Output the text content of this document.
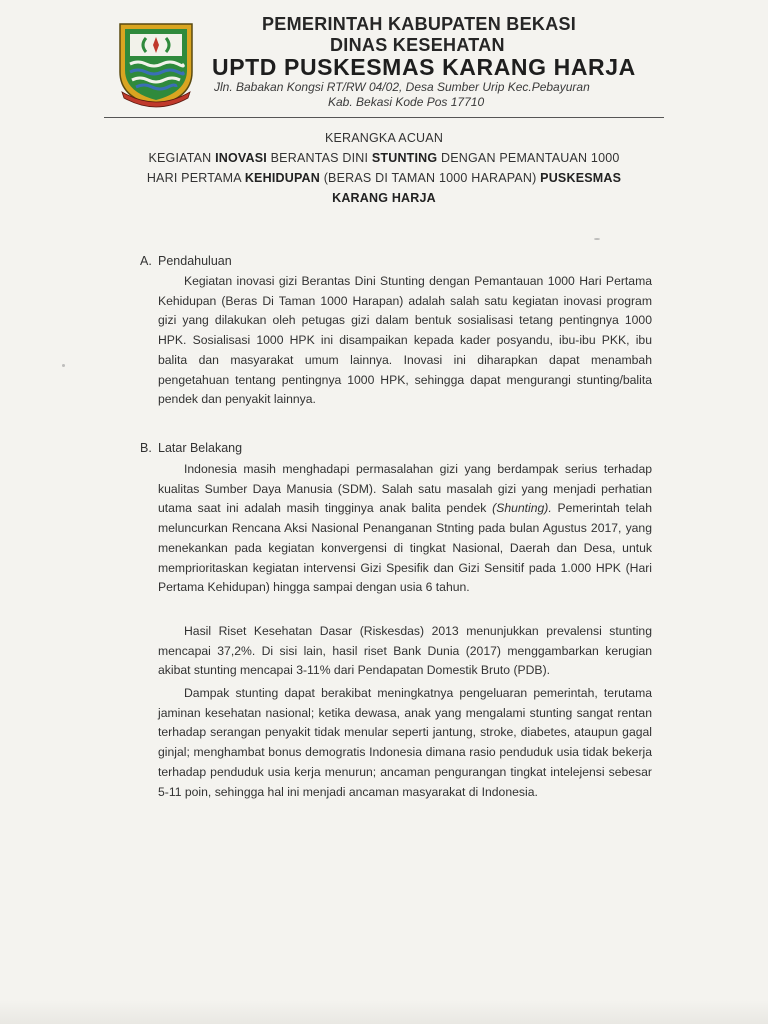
PEMERINTAH KABUPATEN BEKASI
DINAS KESEHATAN
UPTD PUSKESMAS KARANG HARJA
Jln. Babakan Kongsi RT/RW 04/02, Desa Sumber Urip Kec.Pebayuran
Kab. Bekasi Kode Pos 17710
KERANGKA ACUAN
KEGIATAN INOVASI BERANTAS DINI STUNTING DENGAN PEMANTAUAN 1000
HARI PERTAMA KEHIDUPAN (BERAS DI TAMAN 1000 HARAPAN) PUSKESMAS
KARANG HARJA
A. Pendahuluan

Kegiatan inovasi gizi Berantas Dini Stunting dengan Pemantauan 1000 Hari Pertama Kehidupan (Beras Di Taman 1000 Harapan) adalah salah satu kegiatan inovasi program gizi yang dilakukan oleh petugas gizi dalam bentuk sosialisasi tetang pentingnya 1000 HPK. Sosialisasi 1000 HPK ini disampaikan kepada kader posyandu, ibu-ibu PKK, ibu balita dan masyarakat umum lainnya. Inovasi ini diharapkan dapat menambah pengetahuan tentang pentingnya 1000 HPK, sehingga dapat mengurangi stunting/balita pendek dan penyakit lainnya.

B. Latar Belakang

Indonesia masih menghadapi permasalahan gizi yang berdampak serius terhadap kualitas Sumber Daya Manusia (SDM). Salah satu masalah gizi yang menjadi perhatian utama saat ini adalah masih tingginya anak balita pendek (Shunting). Pemerintah telah meluncurkan Rencana Aksi Nasional Penanganan Stnting pada bulan Agustus 2017, yang menekankan pada kegiatan konvergensi di tingkat Nasional, Daerah dan Desa, untuk memprioritaskan kegiatan intervensi Gizi Spesifik dan Gizi Sensitif pada 1.000 HPK (Hari Pertama Kehidupan) hingga sampai dengan usia 6 tahun.

Hasil Riset Kesehatan Dasar (Riskesdas) 2013 menunjukkan prevalensi stunting mencapai 37,2%. Di sisi lain, hasil riset Bank Dunia (2017) menggambarkan kerugian akibat stunting mencapai 3-11% dari Pendapatan Domestik Bruto (PDB).

Dampak stunting dapat berakibat meningkatnya pengeluaran pemerintah, terutama jaminan kesehatan nasional; ketika dewasa, anak yang mengalami stunting sangat rentan terhadap serangan penyakit tidak menular seperti jantung, stroke, diabetes, ataupun gagal ginjal; menghambat bonus demogratis Indonesia dimana rasio penduduk usia tidak bekerja terhadap penduduk usia kerja menurun; ancaman pengurangan tingkat intelejensi sebesar 5-11 poin, sehingga hal ini menjadi ancaman masyarakat di Indonesia.
